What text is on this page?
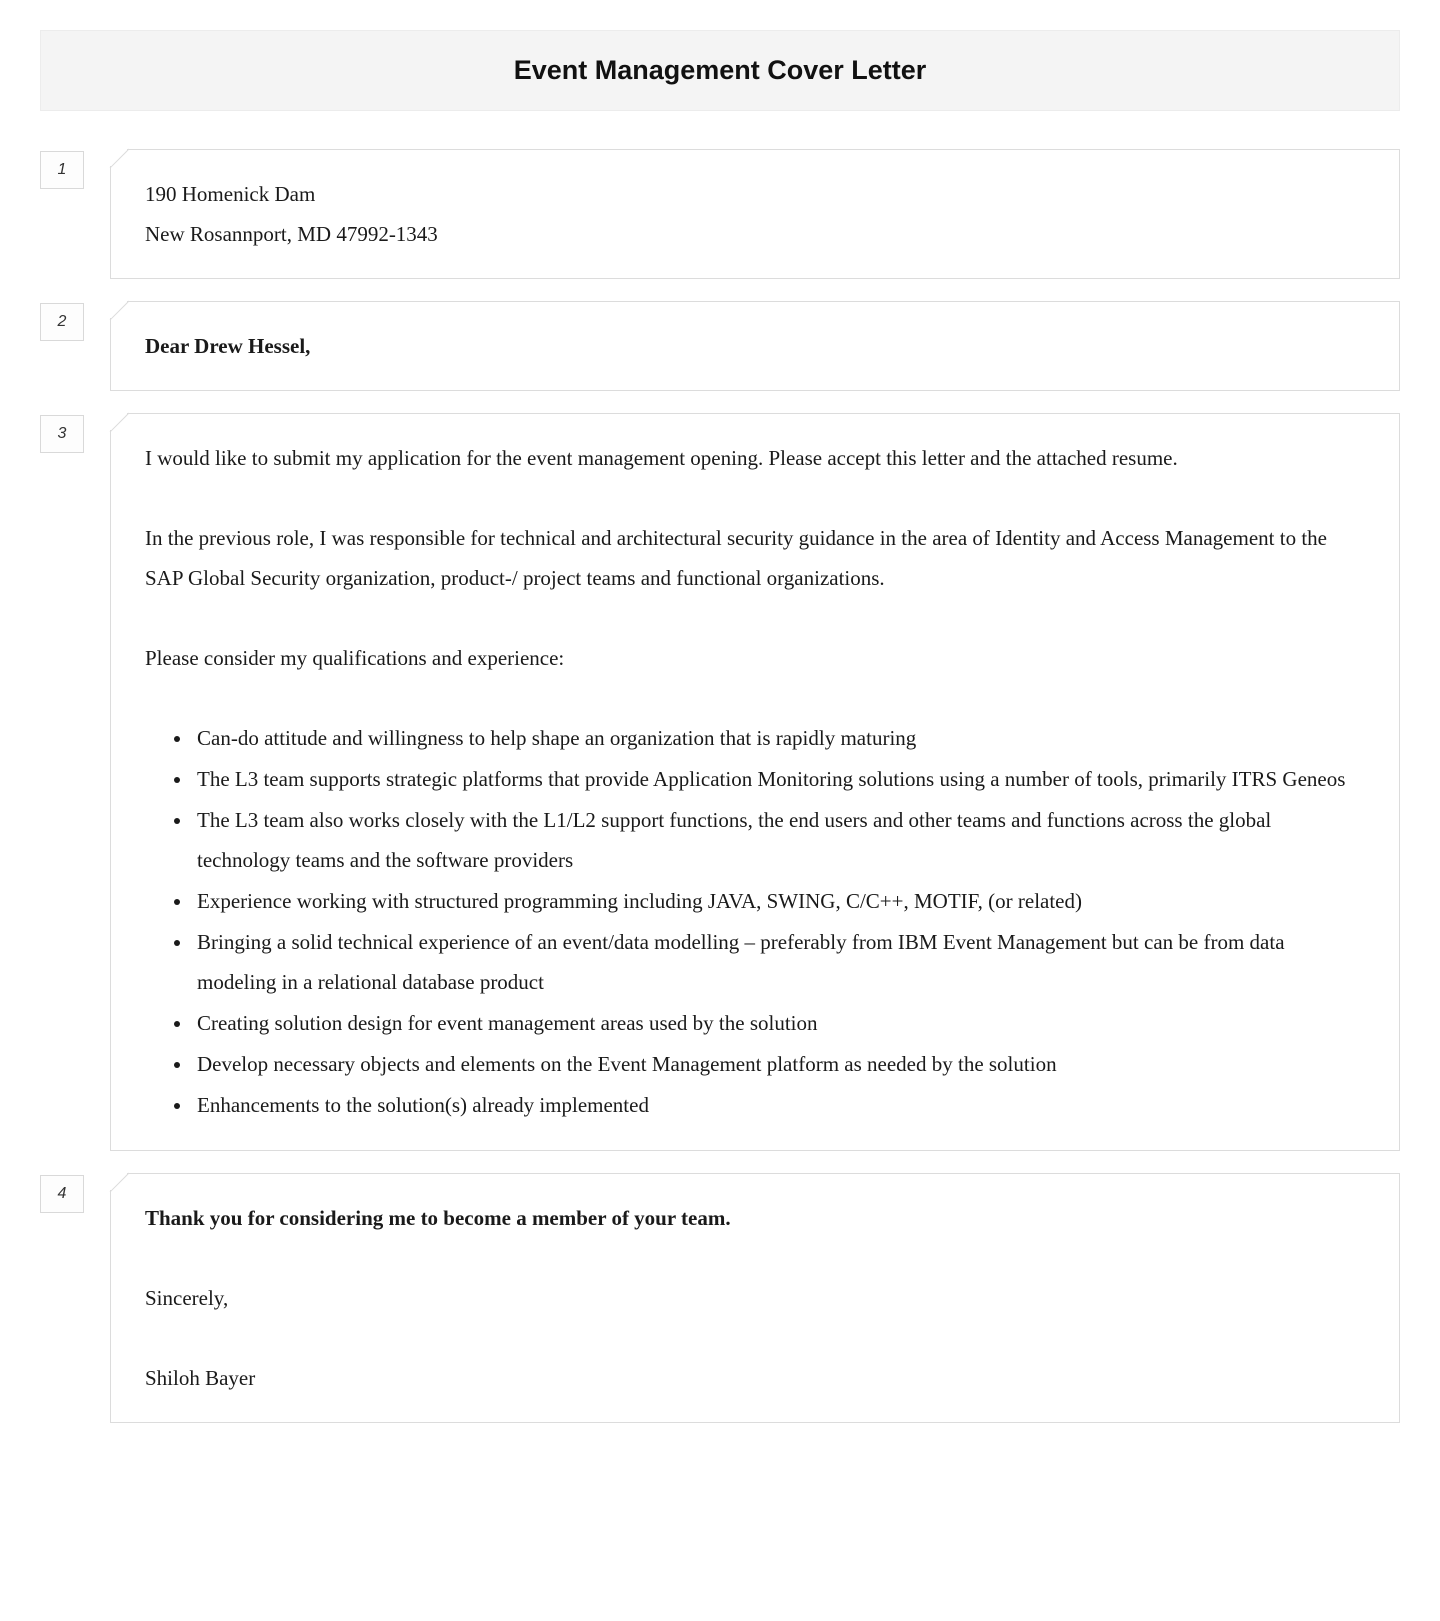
Event Management Cover Letter
1

190 Homenick Dam
New Rosannport, MD 47992-1343

2

Dear Drew Hessel,

3

I would like to submit my application for the event management opening. Please accept this letter and the attached resume.

In the previous role, I was responsible for technical and architectural security guidance in the area of Identity and Access Management to the SAP Global Security organization, product-/ project teams and functional organizations.

Please consider my qualifications and experience:

• Can-do attitude and willingness to help shape an organization that is rapidly maturing
• The L3 team supports strategic platforms that provide Application Monitoring solutions using a number of tools, primarily ITRS Geneos
• The L3 team also works closely with the L1/L2 support functions, the end users and other teams and functions across the global technology teams and the software providers
• Experience working with structured programming including JAVA, SWING, C/C++, MOTIF, (or related)
• Bringing a solid technical experience of an event/data modelling – preferably from IBM Event Management but can be from data modeling in a relational database product
• Creating solution design for event management areas used by the solution
• Develop necessary objects and elements on the Event Management platform as needed by the solution
• Enhancements to the solution(s) already implemented
4

Thank you for considering me to become a member of your team.

Sincerely,

Shiloh Bayer
